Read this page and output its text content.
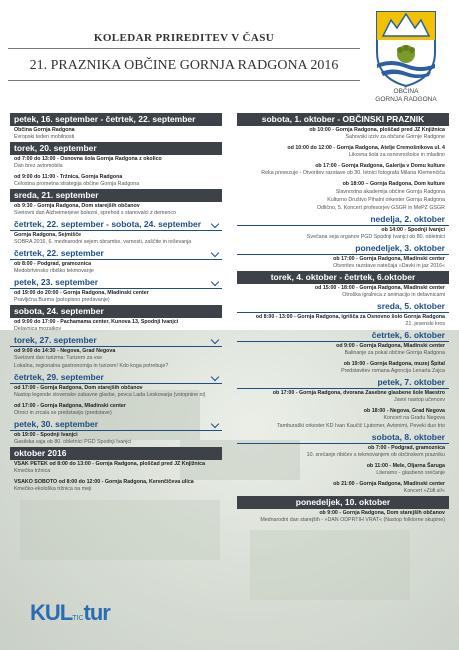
KOLEDAR PRIREDITEV V ČASU
21. PRAZNIKA OBČINE GORNJA RADGONA 2016
OBČINA
GORNJA RADGONA
petek, 16. september - četrtek, 22. september
Občina Gornja Radgona
Evropski teden mobilnosti
torek, 20. september
od 7:00 do 13:00 - Osnovna šola Gornja Radgona z okolico
Dan brez avtomobila
od 9:00 do 11:00 - Tržnica, Gornja Radgona
Celostna prometna strategija občine Gornja Radgona
sreda, 21. september
ob 9:30 - Gornja Radgona, Dom starejših občanov
Svetovni dan Alzheimerjeve bolezni, sprehod s stanovalci z demenco
četrtek, 22. september - sobota, 24. september
Gornja Radgona, Sejmišče
SOBRA 2016, 6. mednarodni sejem obrambe, varnosti, zaščite in reševanja
četrtek, 22. september
ob 8:00 - Podgrad, gramoznica
Medobrtvinsko ribiško tekmovanje
petek, 23. september
od 19:00 do 20:00 - Gornja Radgona, Mladinski center
Pravljična Burma (potopisno predavanje)
sobota, 24. september
od 9:00 do 17:00 - Pachamama center, Kunova 13, Spodnji Ivanjci
Delavnica mozaikov
torek, 27. september
od 9:00 do 14:30 - Negova, Grad Negova
Svetovni dan turizma: Turizem za vse
Lokalna, regionalna gastronomija in turizem! Kdo koga potrebuje?
četrtek, 29. september
od 17:00 - Gornja Radgona, Dom starejših občanov
Nastop legende slovenske zabavne glasbe, pevca Lada Leskovarja (vstopnine ni)
od 17:00 - Gornja Radgona, Mladinski center
Otroci in zrcala se predstavijo (predstave)
petek, 30. september
ob 19:00 - Spodnji Ivanjci
Gasilska vaja ob 80. obletnici PGD Spodnji Ivanjci
oktober 2016
VSAK PETEK od 8:00 do 13:00 - Gornja Radgona, ploščad pred JZ Knjižnica
Kmečka tržnica
VSAKO SOBOTO od 8:00 do 12:00 - Gornja Radgona, Kerenčičeva ulica
Kmečko-ekološka tržnica na meji
sobota, 1. oktober - OBČINSKI PRAZNIK
ob 10:00 - Gornja Radgona, ploščad pred JZ Knjižnica
Sahovski izziv za občane Gornje Radgone
od 10:00 do 12:00 - Gornja Radgona, Atelje Cremošnikova ul. 4
Likovna šola za osnovnošolce in mladino
ob 17:00 - Gornja Radgona, Galerija v Domu kulture
Reka prevezuje - Otvoritev razstave ob 30. letnici fotografa Milana Klemenčiča
ob 18:00 – Gornja Radgona, Dom kulture
Slavnostna akademija občine Gornja Radgona
Kulturno Društvo Pihalni orkester Gornja Radgona
Odlično, 5. Koncert profesorjev GSGR in MePZ GSGR
nedelja, 2. oktober
ob 14:00 - Spodnji Ivanjci
Svečana seja organov PGD Spodnji Ivanjci ob 80. obletnici
ponedeljek, 3. oktober
ob 17:00 - Gornja Radgona, Mladinski center
Otvoritev razstave natečaja »Davki in jaz 2016«
torek, 4. oktober - četrtek, 6.oktober
od 15:00 - 18:00 - Gornja Radgona, Mladinski center
Otroška igralnica z animacijo in delavnicami
sreda, 5. oktober
od 8:00 - 13:00 - Gornja Radgona, igrišča za Osnovno šolo Gornja Radgona
21. jesenski kros
četrtek, 6. oktober
od 9:00 - Gornja Radgona, Mladinski center
Balinanje za pokal občine Gornja Radgona
ob 19:00 - Gornja Radgona, muzej Špital
Predstavitev romana Agencija Lenarta Zajca
petek, 7. oktober
ob 17:00 - Gornja Radgona, dvorana Zasebne glasbene šole Maestro
Javni nastop učencev
ob 18:00 - Negova, Grad Negova
Koncert na Gradu Negova
Tamburaški orkester KD Ivan Kaučič Ljutomer, Avtonimi, Peveki duo trio
sobota, 8. oktober
ob 7:00 - Podgrad, gramoznica
10. srečanje ribičev s tekmovanjem ob občinskem prazniku
ob 11:00 - Mele, Oljarna Šaruga
Literarno - glasbeno srečanje
ob 21:00 - Gornja Radgona, Mladinski center
Koncert »Züfi.si!«
ponedeljek, 10. oktober
ob 9:00 - Gornja Radgona, Dom starejših občanov
Mednarodni dan starejših - »DAN ODPRTIH VRAT« (Nastop folklorne skupine)
KULTICtur
